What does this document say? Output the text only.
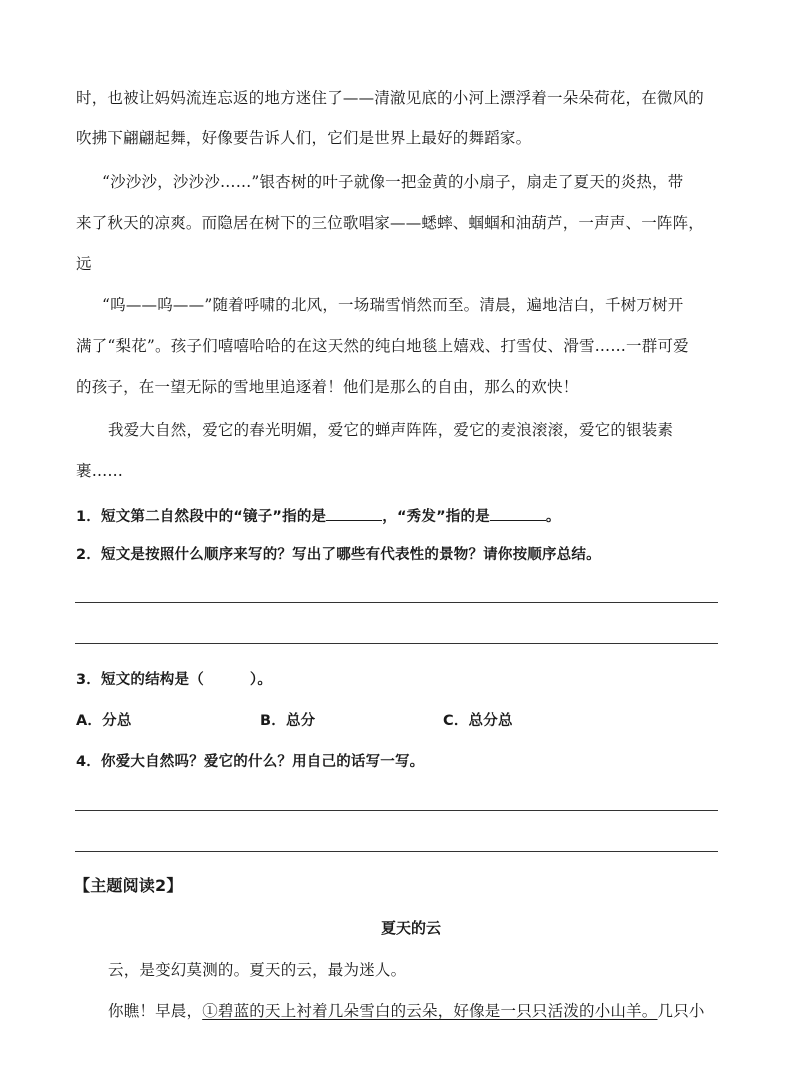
时，也被让妈妈流连忘返的地方迷住了——清澈见底的小河上漂浮着一朵朵荷花，在微风的
吹拂下翩翩起舞，好像要告诉人们，它们是世界上最好的舞蹈家。
“沙沙沙，沙沙沙……”银杏树的叶子就像一把金黄的小扇子，扇走了夏天的炎热，带
来了秋天的凉爽。而隐居在树下的三位歌唱家——蟋蟀、蝈蝈和油葫芦，一声声、一阵阵，
远
“呜——呜——”随着呼啸的北风，一场瑞雪悄然而至。清晨，遍地洁白，千树万树开
满了“梨花”。孩子们嘻嘻哈哈的在这天然的纯白地毯上嬉戏、打雪仗、滑雪……一群可爱
的孩子，在一望无际的雪地里追逐着！他们是那么的自由，那么的欢快！
我爱大自然，爱它的春光明媚，爱它的蝉声阵阵，爱它的麦浪滚滚，爱它的银装素
裹……
1．短文第二自然段中的“镜子”指的是	，“秀发”指的是	。
2．短文是按照什么顺序来写的？写出了哪些有代表性的景物？请你按顺序总结。
3．短文的结构是（	）。
A．分总	B．总分	C．总分总
4．你爱大自然吗？爱它的什么？用自己的话写一写。
【主题阅读2】
夏天的云
云，是变幻莫测的。夏天的云，最为迷人。
你瞧！早晨，①碧蓝的天上衬着几朵雪白的云朵，好像是一只只活泼的小山羊。几只小
